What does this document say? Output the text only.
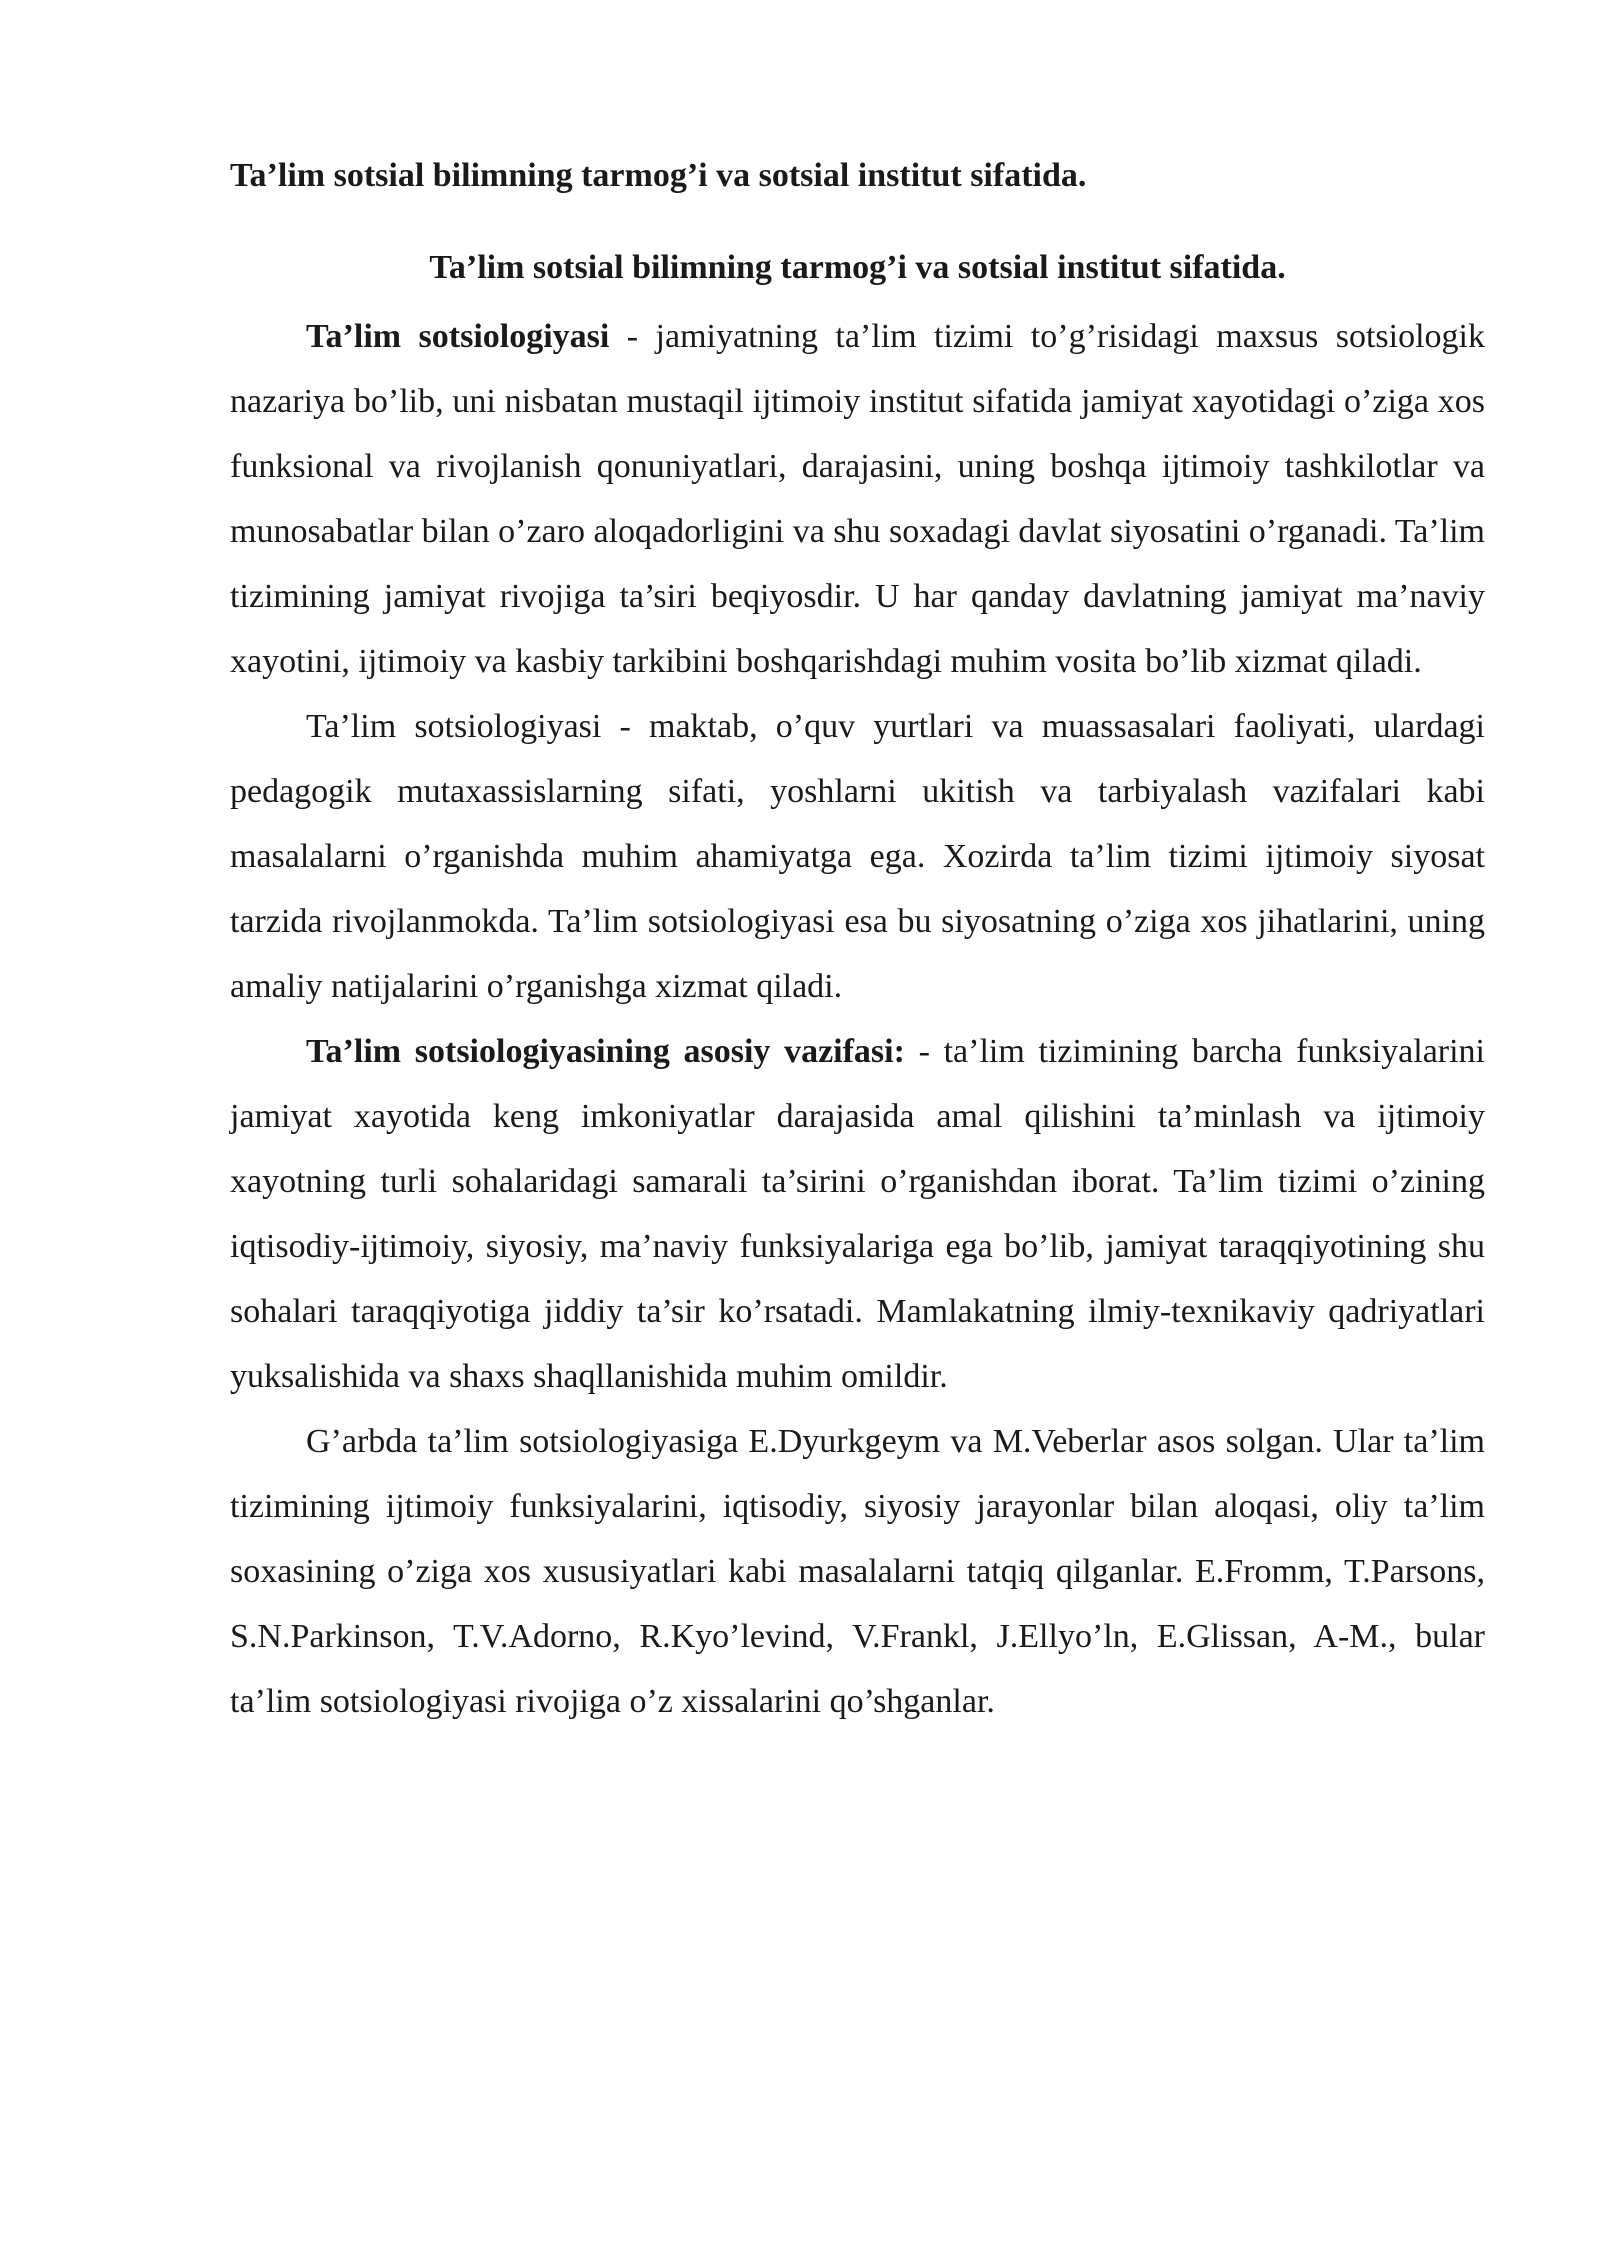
Ta’lim sotsial bilimning tarmog’i va sotsial institut sifatida.
Ta’lim sotsial bilimning tarmog’i va sotsial institut sifatida.

Ta’lim sotsiologiyasi - jamiyatning ta’lim tizimi to’g’risidagi maxsus sotsiologik nazariya bo’lib, uni nisbatan mustaqil ijtimoiy institut sifatida jamiyat xayotidagi o’ziga xos funksional va rivojlanish qonuniyatlari, darajasini, uning boshqa ijtimoiy tashkilotlar va munosabatlar bilan o’zaro aloqadorligini va shu soxadagi davlat siyosatini o’rganadi. Ta’lim tizimining jamiyat rivojiga ta’siri beqiyosdir. U har qanday davlatning jamiyat ma’naviy xayotini, ijtimoiy va kasbiy tarkibini boshqarishdagi muhim vosita bo’lib xizmat qiladi.

Ta’lim sotsiologiyasi - maktab, o’quv yurtlari va muassasalari faoliyati, ulardagi pedagogik mutaxassislarning sifati, yoshlarni ukitish va tarbiyalash vazifalari kabi masalalarni o’rganishda muhim ahamiyatga ega. Xozirda ta’lim tizimi ijtimoiy siyosat tarzida rivojlanmokda. Ta’lim sotsiologiyasi esa bu siyosatning o’ziga xos jihatlarini, uning amaliy natijalarini o’rganishga xizmat qiladi.

Ta’lim sotsiologiyasining asosiy vazifasi: - ta’lim tizimining barcha funksiyalarini jamiyat xayotida keng imkoniyatlar darajasida amal qilishini ta’minlash va ijtimoiy xayotning turli sohalaridagi samarali ta’sirini o’rganishdan iborat. Ta’lim tizimi o’zining iqtisodiy-ijtimoiy, siyosiy, ma’naviy funksiyalariga ega bo’lib, jamiyat taraqqiyotining shu sohalari taraqqiyotiga jiddiy ta’sir ko’rsatadi. Mamlakatning ilmiy-texnikaviy qadriyatlari yuksalishida va shaxs shaqllanishida muhim omildir.

G’arbda ta’lim sotsiologiyasiga E.Dyurkgeym va M.Veberlar asos solgan. Ular ta’lim tizimining ijtimoiy funksiyalarini, iqtisodiy, siyosiy jarayonlar bilan aloqasi, oliy ta’lim soxasining o’ziga xos xususiyatlari kabi masalalarni tatqiq qilganlar. E.Fromm, T.Parsons, S.N.Parkinson, T.V.Adorno, R.Kyo’levind, V.Frankl, J.Ellyo’ln, E.Glissan, A-M., bular ta’lim sotsiologiyasi rivojiga o’z xissalarini qo’shganlar.
